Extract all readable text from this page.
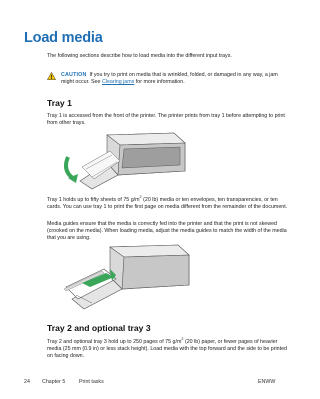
Load media

The following sections describe how to load media into the different input trays.

CAUTION If you try to print on media that is wrinkled, folded, or damaged in any way, a jam might occur. See Clearing jams for more information.
Tray 1

Tray 1 is accessed from the front of the printer. The printer prints from tray 1 before attempting to print from other trays.

Tray 1 holds up to fifty sheets of 75 $g/m^2$ (20 lb) media or ten envelopes, ten transparencies, or ten cards. You can use tray 1 to print the first page on media different from the remainder of the document.

Media guides ensure that the media is correctly fed into the printer and that the print is not skewed (crooked on the media). When loading media, adjust the media guides to match the width of the media that you are using.

Tray 2 and optional tray 3

Tray 2 and optional tray 3 hold up to 250 pages of 75 $g/m^2$ (20 lb) paper, or fewer pages of heavier media (25 mm (0.9 in) or less stack height). Load media with the top forward and the side to be printed on facing down.

24 Chapter 5	Print tasks	ENWW
